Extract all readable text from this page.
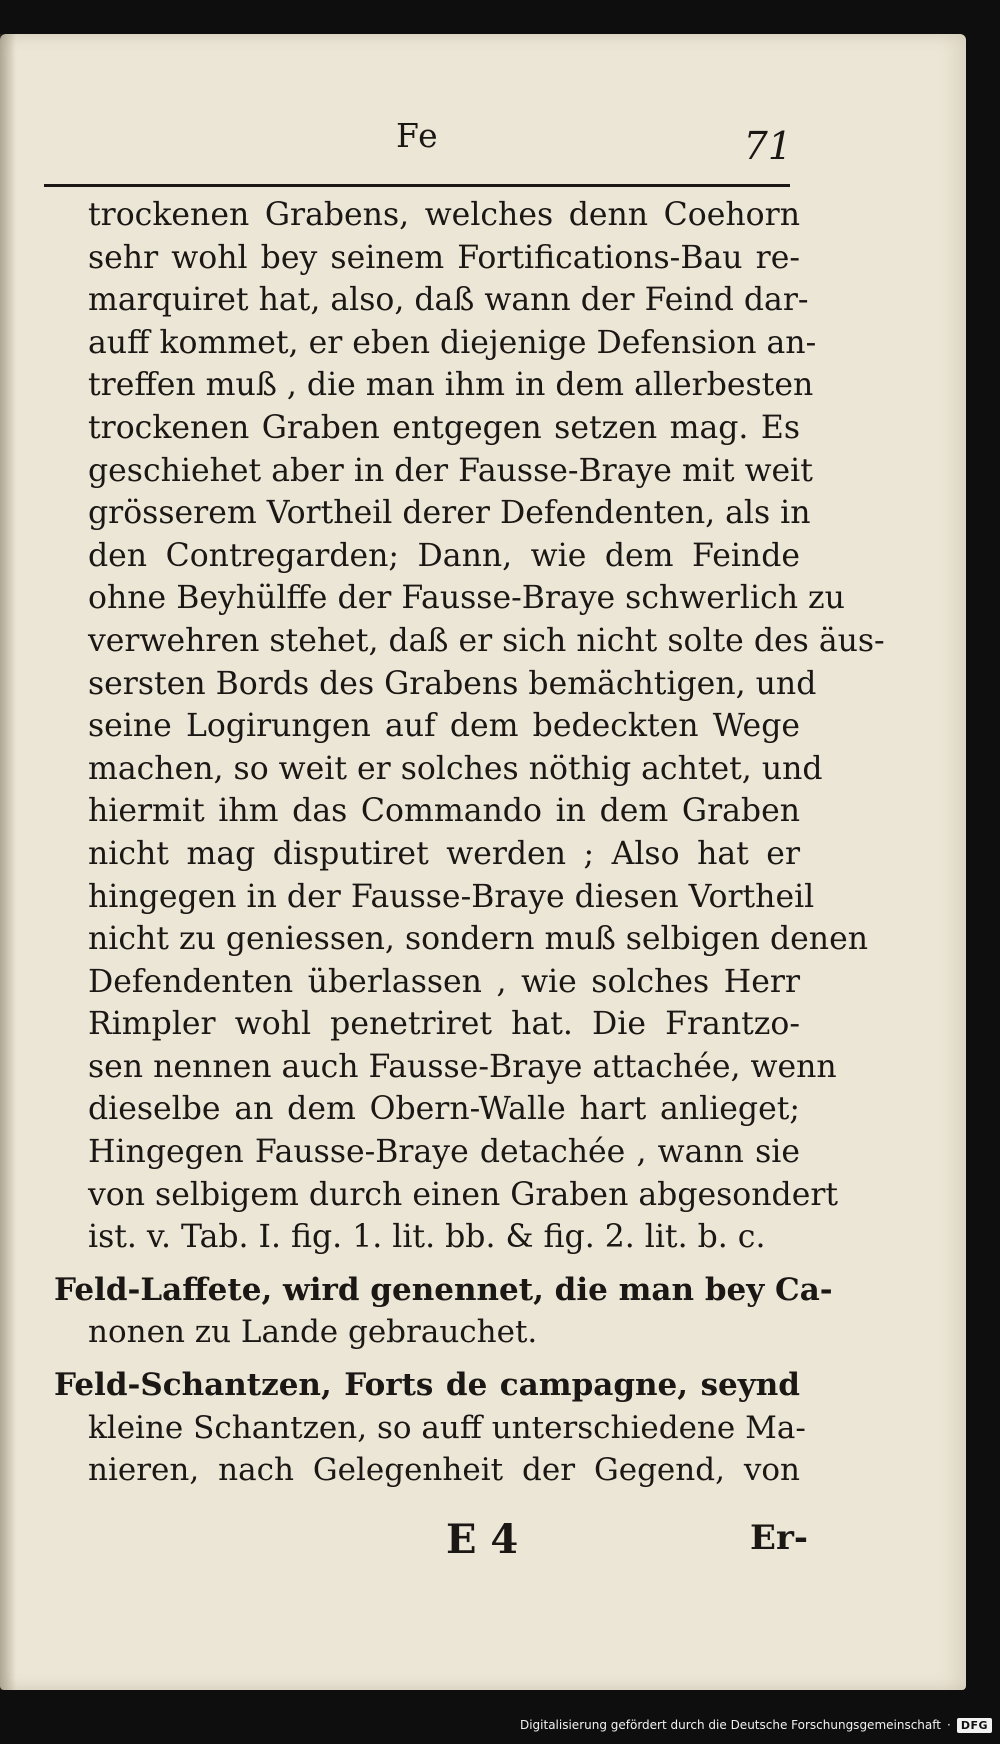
Fe	71
trockenen Grabens, welches denn Coehorn
sehr wohl bey seinem Fortifications-Bau re-
marquiret hat, also, daß wann der Feind dar-
auff kommet, er eben diejenige Defension an-
treffen muß , die man ihm in dem allerbesten
trockenen Graben entgegen setzen mag. Es
geschiehet aber in der Fausse-Braye mit weit
grösserem Vortheil derer Defendenten, als in
den Contregarden; Dann, wie dem Feinde
ohne Beyhülffe der Fausse-Braye schwerlich zu
verwehren stehet, daß er sich nicht solte des äus-
sersten Bords des Grabens bemächtigen, und
seine Logirungen auf dem bedeckten Wege
machen, so weit er solches nöthig achtet, und
hiermit ihm das Commando in dem Graben
nicht mag disputiret werden ; Also hat er
hingegen in der Fausse-Braye diesen Vortheil
nicht zu geniessen, sondern muß selbigen denen
Defendenten überlassen , wie solches Herr
Rimpler wohl penetriret hat. Die Frantzo-
sen nennen auch Fausse-Braye attachée, wenn
dieselbe an dem Obern-Walle hart anlieget;
Hingegen Fausse-Braye detachée , wann sie
von selbigem durch einen Graben abgesondert
ist. v. Tab. I. fig. 1. lit. bb. & fig. 2. lit. b. c.
Feld-Laffete, wird genennet, die man bey Ca-
nonen zu Lande gebrauchet.
Feld-Schantzen, Forts de campagne, seynd
kleine Schantzen, so auff unterschiedene Ma-
nieren, nach Gelegenheit der Gegend, von
E 4	Er-
Digitalisierung gefördert durch die Deutsche Forschungsgemeinschaft · DFG
